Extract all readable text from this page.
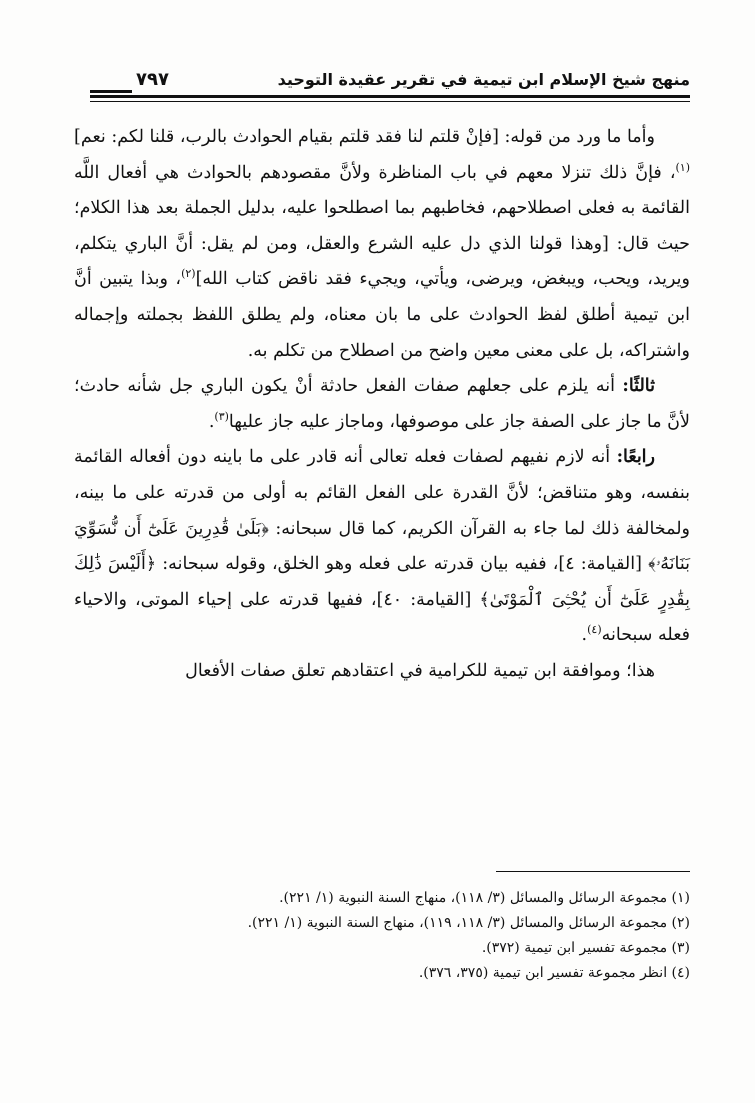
منهج شيخ الإسلام ابن تيمية في تقرير عقيدة التوحيد
٧٩٧

  وأما ما ورد من قوله: [فإنْ قلتم لنا فقد قلتم بقيام الحوادث بالرب، قلنا لكم: نعم]$^{(١)}$، فإنَّ ذلك تنزلا معهم في باب المناظرة ولأنَّ مقصودهم بالحوادث هي أفعال اللَّه القائمة به فعلى اصطلاحهم، فخاطبهم بما اصطلحوا عليه، بدليل الجملة بعد هذا الكلام؛ حيث قال: [وهذا قولنا الذي دل عليه الشرع والعقل، ومن لم يقل: أنَّ الباري يتكلم، ويريد، ويحب، ويبغض، ويرضى، ويأتي، ويجيء فقد ناقض كتاب الله]$^{(٢)}$، وبذا يتبين أنَّ ابن تيمية أطلق لفظ الحوادث على ما بان معناه، ولم يطلق اللفظ بجملته وإجماله واشتراكه، بل على معنى معين واضح من اصطلاح من تكلم به.

  ثالثًا: أنه يلزم على جعلهم صفات الفعل حادثة أنْ يكون الباري جل شأنه حادث؛ لأنَّ ما جاز على الصفة جاز على موصوفها، وماجاز عليه جاز عليها$^{(٣)}$.

  رابعًا: أنه لازم نفيهم لصفات فعله تعالى أنه قادر على ما باينه دون أفعاله القائمة بنفسه، وهو متناقض؛ لأنَّ القدرة على الفعل القائم به أولى من قدرته على ما بينه، ولمخالفة ذلك لما جاء به القرآن الكريم، كما قال سبحانه: ﴿بَلَىٰ قَٰدِرِينَ عَلَىٰٓ أَن نُّسَوِّيَ بَنَانَهُۥ﴾ [القيامة: ٤]، ففيه بيان قدرته على فعله وهو الخلق، وقوله سبحانه: ﴿أَلَيْسَ ذَٰلِكَ بِقَٰدِرٍ عَلَىٰٓ أَن يُحْـِۧىَ ٱلْمَوْتَىٰ﴾ [القيامة: ٤٠]، ففيها قدرته على إحياء الموتى، والاحياء فعله سبحانه$^{(٤)}$.

  هذا؛ وموافقة ابن تيمية للكرامية في اعتقادهم تعلق صفات الأفعال

(١) مجموعة الرسائل والمسائل (٣/ ١١٨)، منهاج السنة النبوية (١/ ٢٢١).
(٢) مجموعة الرسائل والمسائل (٣/ ١١٨، ١١٩)، منهاج السنة النبوية (١/ ٢٢١).
(٣) مجموعة تفسير ابن تيمية (٣٧٢).
(٤) انظر مجموعة تفسير ابن تيمية (٣٧٥، ٣٧٦).
